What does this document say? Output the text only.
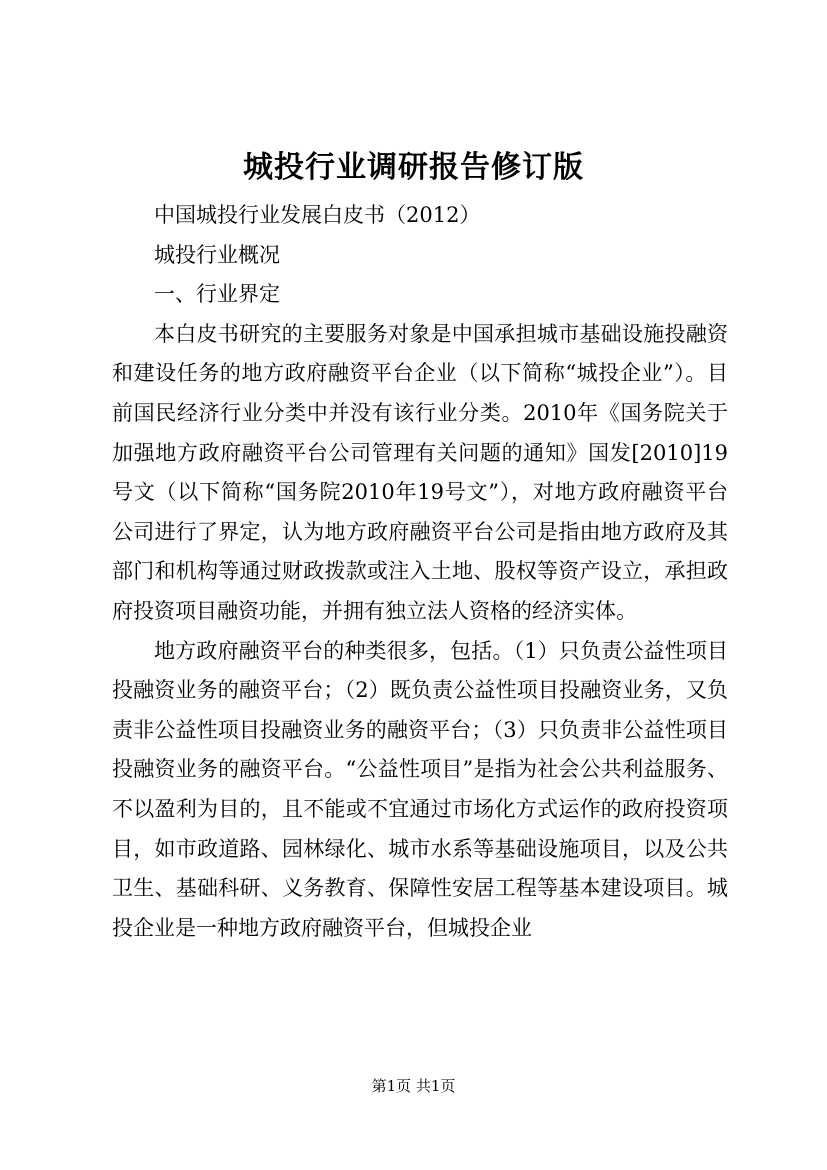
城投行业调研报告修订版

中国城投行业发展白皮书（2012）

城投行业概况

一、行业界定

本白皮书研究的主要服务对象是中国承担城市基础设施投融资和建设任务的地方政府融资平台企业（以下简称“城投企业”）。目前国民经济行业分类中并没有该行业分类。2010年《国务院关于加强地方政府融资平台公司管理有关问题的通知》国发[2010]19号文（以下简称“国务院2010年19号文”），对地方政府融资平台公司进行了界定，认为地方政府融资平台公司是指由地方政府及其部门和机构等通过财政拨款或注入土地、股权等资产设立，承担政府投资项目融资功能，并拥有独立法人资格的经济实体。

地方政府融资平台的种类很多，包括。（1）只负责公益性项目投融资业务的融资平台；（2）既负责公益性项目投融资业务，又负责非公益性项目投融资业务的融资平台；（3）只负责非公益性项目投融资业务的融资平台。“公益性项目”是指为社会公共利益服务、不以盈利为目的，且不能或不宜通过市场化方式运作的政府投资项目，如市政道路、园林绿化、城市水系等基础设施项目，以及公共卫生、基础科研、义务教育、保障性安居工程等基本建设项目。城投企业是一种地方政府融资平台，但城投企业

第1页 共1页
